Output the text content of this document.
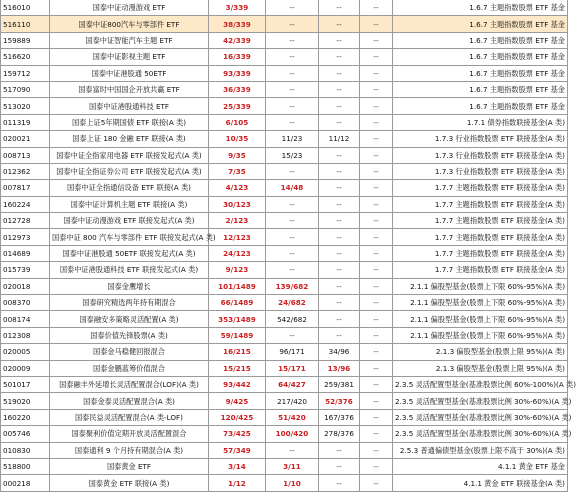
516010	国泰中证动漫游戏 ETF	3/339	--	--	--	1.6.7 主题指数股票 ETF 基金
516110	国泰中证800汽车与零部件 ETF	38/339	--	--	--	1.6.7 主题指数股票 ETF 基金
159889	国泰中证智能汽车主题 ETF	42/339	--	--	--	1.6.7 主题指数股票 ETF 基金
516620	国泰中证影视主题 ETF	16/339	--	--	--	1.6.7 主题指数股票 ETF 基金
159712	国泰中证港股通 50ETF	93/339	--	--	--	1.6.7 主题指数股票 ETF 基金
517090	国泰富时中国国企开放共赢 ETF	36/339	--	--	--	1.6.7 主题指数股票 ETF 基金
513020	国泰中证港股通科技 ETF	25/339	--	--	--	1.6.7 主题指数股票 ETF 基金
011319	国泰上证5年期国债 ETF 联接(A 类)	6/105	--	--	--	1.7.1 债券指数联接基金(A 类)
020021	国泰上证 180 金融 ETF 联接(A 类)	10/35	11/23	11/12	--	1.7.3 行业指数股票 ETF 联接基金(A 类)
008713	国泰中证全指家用电器 ETF 联接发起式(A 类)	9/35	15/23	--	--	1.7.3 行业指数股票 ETF 联接基金(A 类)
012362	国泰中证全指证券公司 ETF 联接发起式(A 类)	7/35	--	--	--	1.7.3 行业指数股票 ETF 联接基金(A 类)
007817	国泰中证全指通信设备 ETF 联接(A 类)	4/123	14/48	--	--	1.7.7 主题指数股票 ETF 联接基金(A 类)
160224	国泰中证计算机主题 ETF 联接(A 类)	30/123	--	--	--	1.7.7 主题指数股票 ETF 联接基金(A 类)
012728	国泰中证动漫游戏 ETF 联接发起式(A 类)	2/123	--	--	--	1.7.7 主题指数股票 ETF 联接基金(A 类)
012973	国泰中证 800 汽车与零部件 ETF 联接发起式(A 类)	12/123	--	--	--	1.7.7 主题指数股票 ETF 联接基金(A 类)
014689	国泰中证港股通 50ETF 联接发起式(A 类)	24/123	--	--	--	1.7.7 主题指数股票 ETF 联接基金(A 类)
015739	国泰中证港股通科技 ETF 联接发起式(A 类)	9/123	--	--	--	1.7.7 主题指数股票 ETF 联接基金(A 类)
020018	国泰金鹰增长	101/1489	139/682	--	--	2.1.1 偏股型基金(股票上下限 60%-95%)(A 类)
008370	国泰研究精选两年持有期混合	66/1489	24/682	--	--	2.1.1 偏股型基金(股票上下限 60%-95%)(A 类)
008174	国泰融安多策略灵活配置(A 类)	353/1489	542/682	--	--	2.1.1 偏股型基金(股票上下限 60%-95%)(A 类)
012308	国泰价值先锋股票(A 类)	59/1489	--	--	--	2.1.1 偏股型基金(股票上下限 60%-95%)(A 类)
020005	国泰金马稳健回报混合	16/215	96/171	34/96	--	2.1.3 偏股型基金(股票上限 95%)(A 类)
020009	国泰金鹏蓝筹价值混合	15/215	15/171	13/96	--	2.1.3 偏股型基金(股票上限 95%)(A 类)
501017	国泰融丰外延增长灵活配置混合(LOF)(A 类)	93/442	64/427	259/381	--	2.3.5 灵活配置型基金(基准股票比例 60%-100%)(A 类)
519020	国泰金泰灵活配置混合(A 类)	9/425	217/420	52/376	--	2.3.5 灵活配置型基金(基准股票比例 30%-60%)(A 类)
160220	国泰民益灵活配置混合(A 类-LOF)	120/425	51/420	167/376	--	2.3.5 灵活配置型基金(基准股票比例 30%-60%)(A 类)
005746	国泰聚利价值定期开放灵活配置混合	73/425	100/420	278/376	--	2.3.5 灵活配置型基金(基准股票比例 30%-60%)(A 类)
010830	国泰通利 9 个月持有期混合(A 类)	57/349	--	--	--	2.5.3 普通偏债型基金(股票上限不高于 30%)(A 类)
518800	国泰黄金 ETF	3/14	3/11	--	--	4.1.1 黄金 ETF 基金
000218	国泰黄金 ETF 联接(A 类)	1/12	1/10	--	--	4.1.1 黄金 ETF 联接基金(A 类)
